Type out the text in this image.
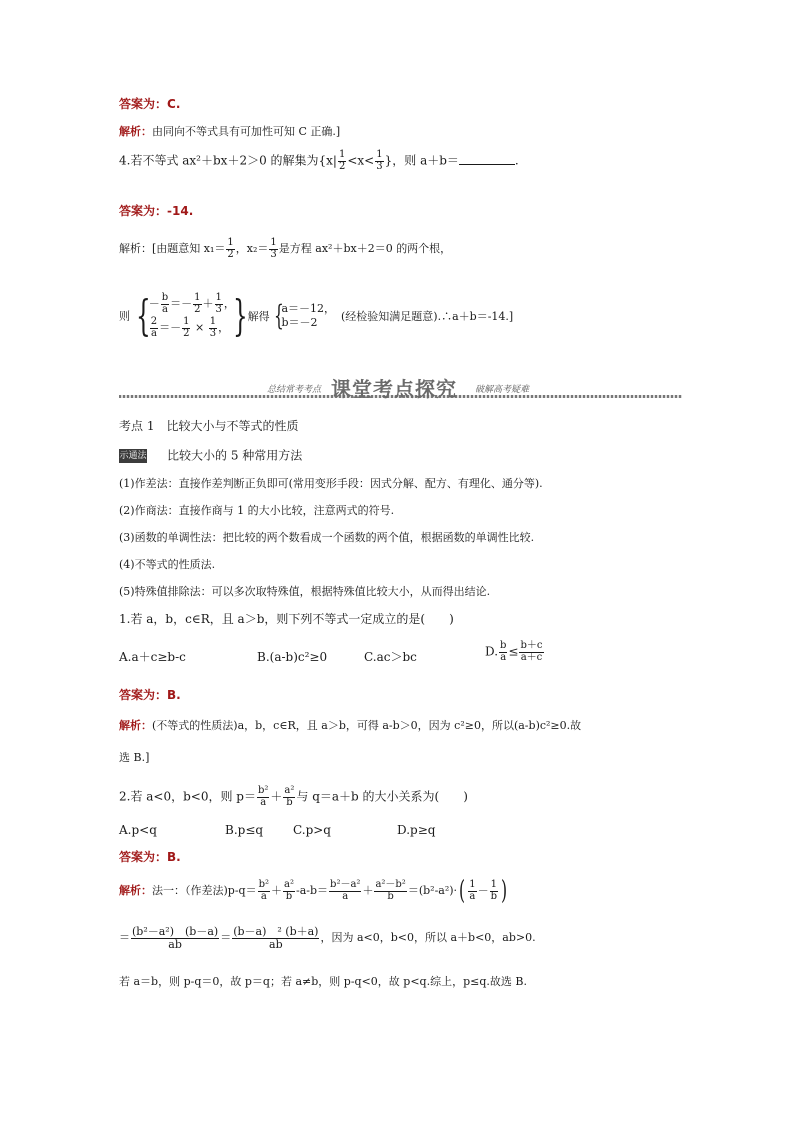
答案为：C.
解析：由同向不等式具有可加性可知 C 正确.]
4.若不等式 ax²＋bx＋2＞0 的解集为{$x| \frac{1}{2} <x< \frac{1}{3}$ }，则 a＋b＝	.
答案为：-14.
解析：[由题意知 $x_1= \frac{1}{2}$ ，$x_2= \frac{1}{3}$ 是方程 ax²＋bx＋2＝0 的两个根，
则 {
－ $\frac{b}{a} =- \frac{1}{2} + \frac{1}{3}$ ，
$\frac{2}{a} =- \frac{1}{2} \times \frac{1}{3}$ ， }解得 {
a＝－12，
b＝－2	(经检验知满足题意).∴a＋b＝-14.]
总结常考考点 课堂考点探究 破解高考疑难
考点 1　比较大小与不等式的性质
示通法 比较大小的 5 种常用方法
(1)作差法：直接作差判断正负即可(常用变形手段：因式分解、配方、有理化、通分等).
(2)作商法：直接作商与 1 的大小比较，注意两式的符号.
(3)函数的单调性法：把比较的两个数看成一个函数的两个值，根据函数的单调性比较.
(4)不等式的性质法.
(5)特殊值排除法：可以多次取特殊值，根据特殊值比较大小，从而得出结论.
1.若 a，b，c∈R，且 a＞b，则下列不等式一定成立的是(　　)
A.a＋c≥b-c	B.(a-b)c²≥0	C.ac＞bc	D. $\frac{b}{a} \le \frac{b+c}{a+c}$
答案为：B.
解析：(不等式的性质法)a，b，c∈R，且 a＞b，可得 a-b＞0，因为 c²≥0，所以(a-b)c²≥0.故
选 B.]
2.若 a<0，b<0，则 $p= \frac{\text{b²}}{a} + \frac{\text{a²}}{b}$ 与 q＝a＋b 的大小关系为(　　)
A.p<q	B.p≤q C.p>q	D.p≥q
答案为：B.
解析：法一：（作差法)$p-q= \frac{\text{b²}}{a} + \frac{\text{a²}}{b} -a-b= \frac{\text{b²－a²}}{a} + \frac{\text{a²－b²}}{b} =(b^2-a^2)\cdot( \frac{1}{a} - \frac{1}{b}$ )
＝ $\frac{\text{(b²－a²)　(b－a)}}{ab} = \frac{\text{(b－a)　² (b＋a)}}{ab}$ ，因为 a<0，b<0，所以 a＋b<0，ab>0.
若 a＝b，则 p-q＝0，故 p＝q；若 a≠b，则 p-q<0，故 p<q.综上，p≤q.故选 B.
